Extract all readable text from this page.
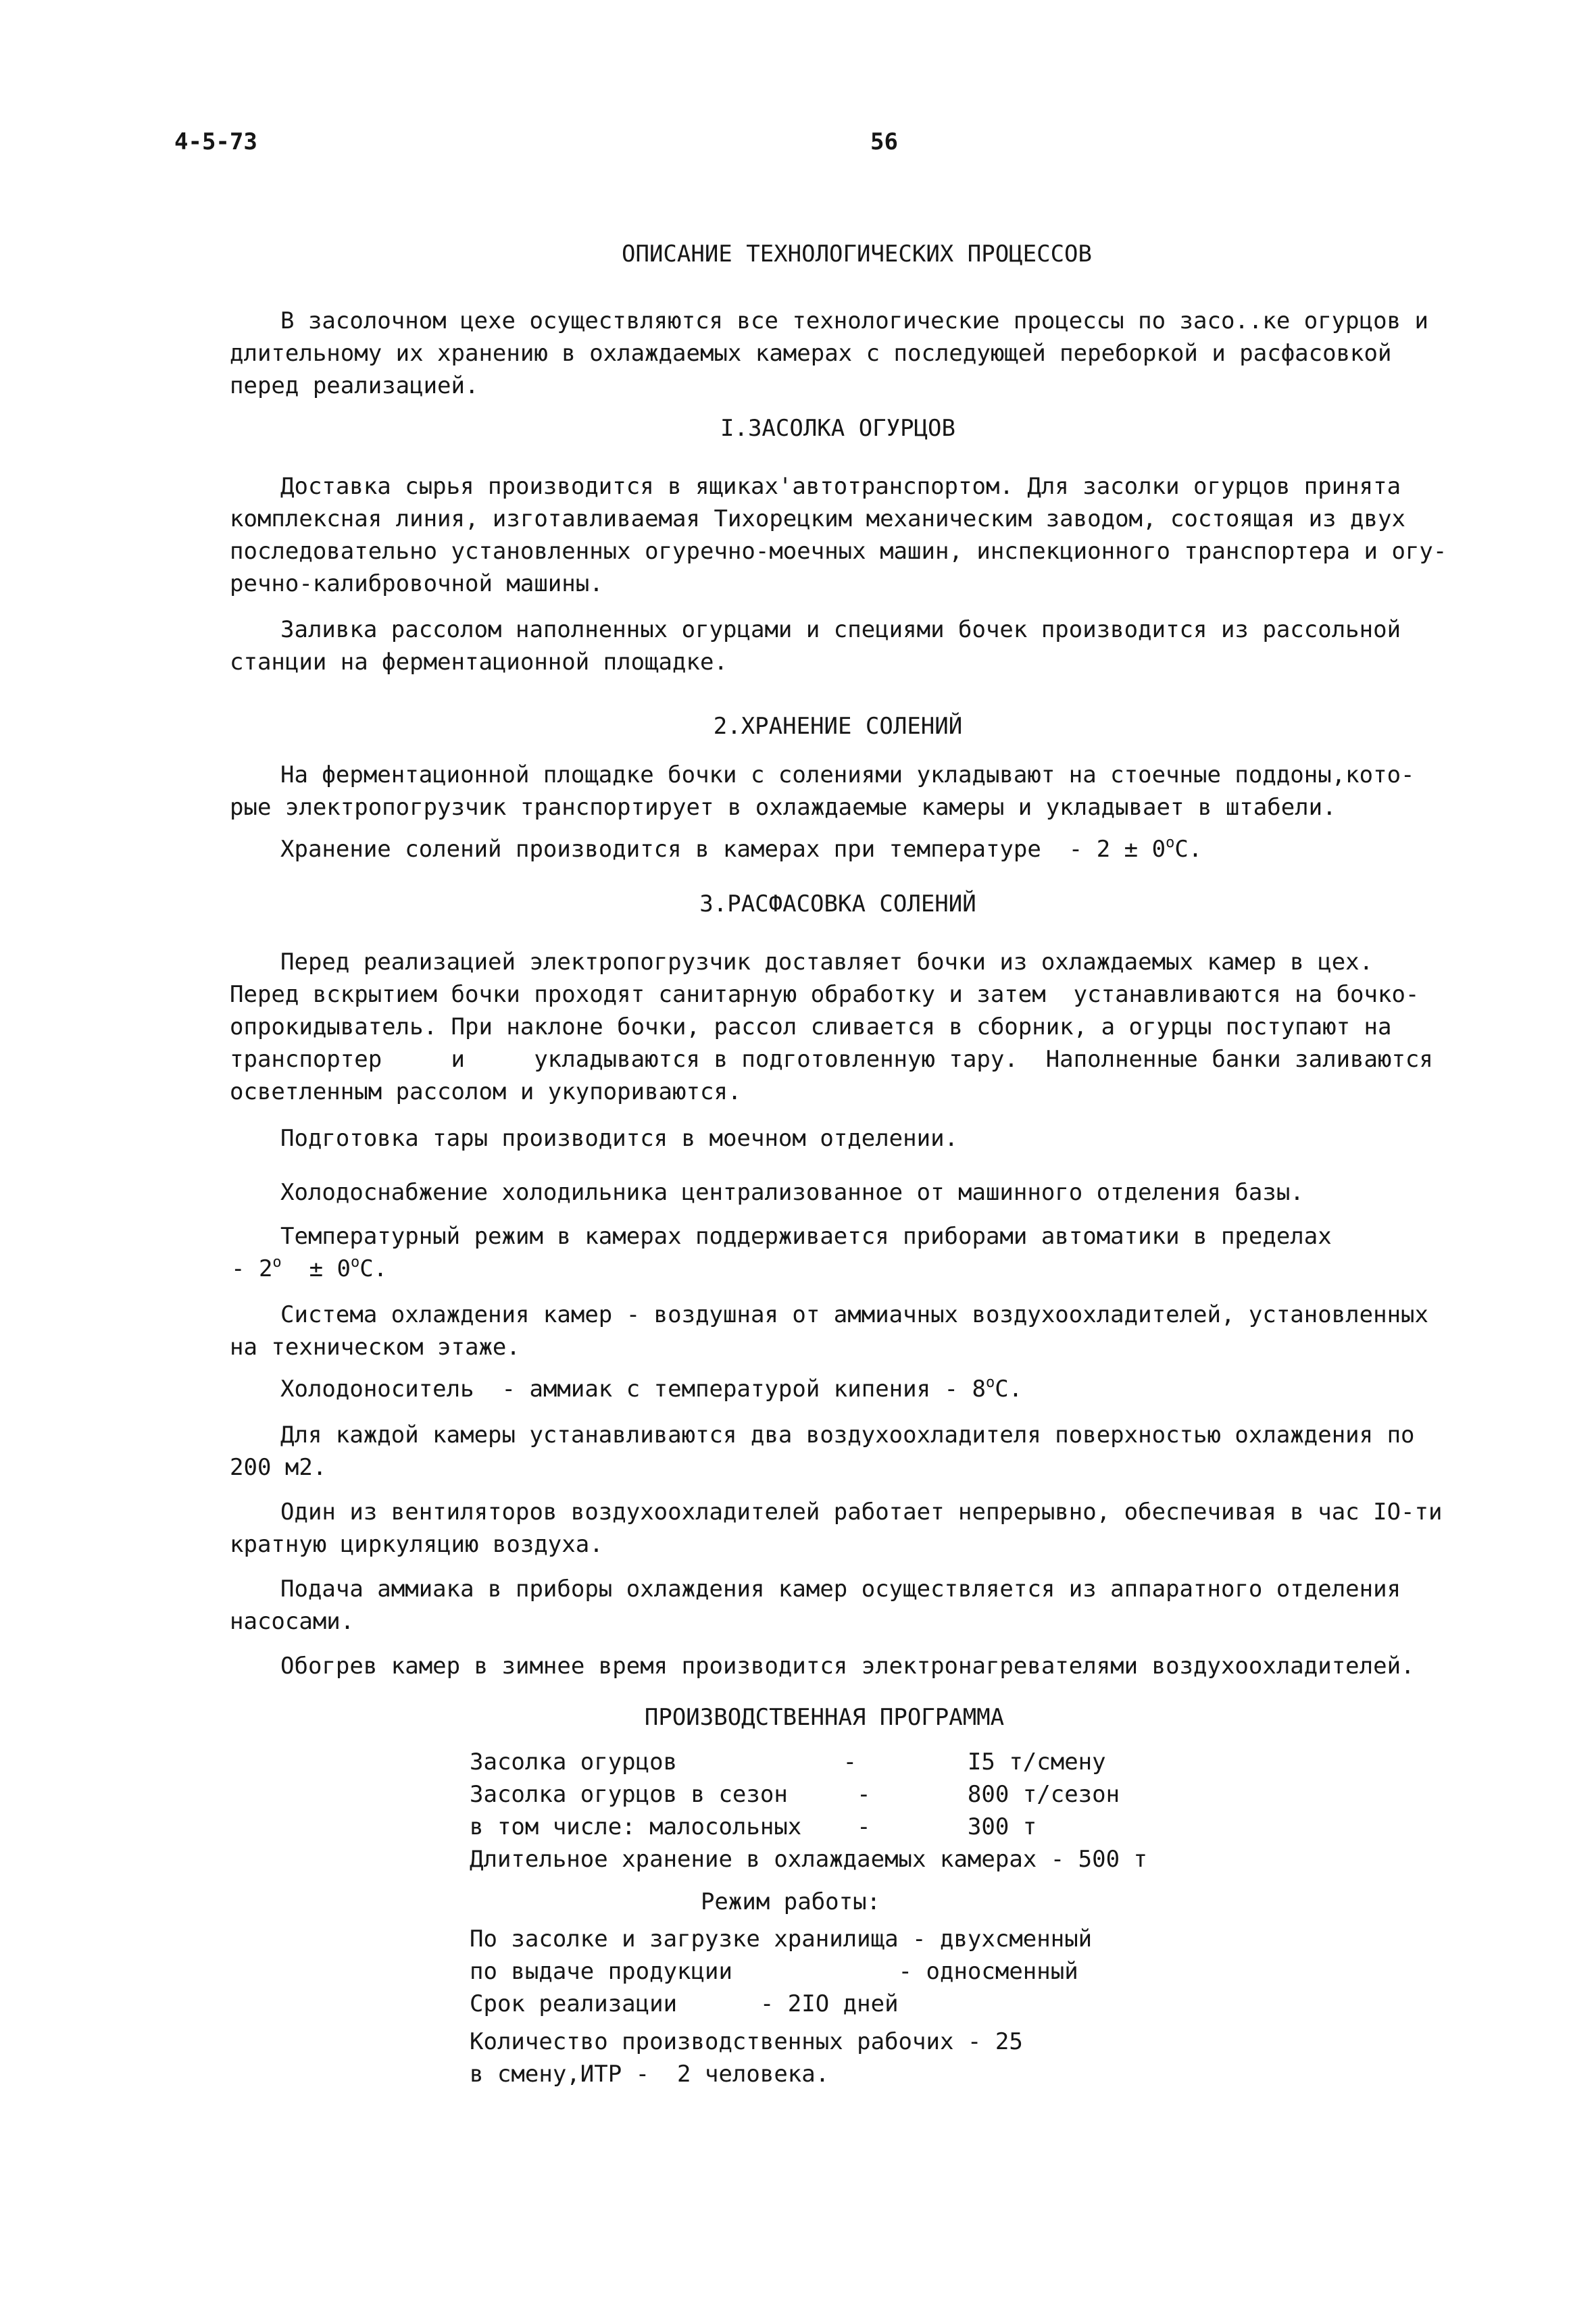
4-5-73	56
ОПИСАНИЕ ТЕХНОЛОГИЧЕСКИХ ПРОЦЕССОВ
В засолочном цехе осуществляются все технологические процессы по засо..ке огурцов и
длительному их хранению в охлаждаемых камерах с последующей переборкой и расфасовкой
перед реализацией.
I.ЗАСОЛКА ОГУРЦОВ
Доставка сырья производится в ящиках'автотранспортом. Для засолки огурцов принята
комплексная линия, изготавливаемая Тихорецким механическим заводом, состоящая из двух
последовательно установленных огуречно-моечных машин, инспекционного транспортера и огу-
речно-калибровочной машины.
Заливка рассолом наполненных огурцами и специями бочек производится из рассольной
станции на ферментационной площадке.
2.ХРАНЕНИЕ СОЛЕНИЙ
На ферментационной площадке бочки с солениями укладывают на стоечные поддоны,кото-
рые электропогрузчик транспортирует в охлаждаемые камеры и укладывает в штабели.
Хранение солений производится в камерах при температуре  - $2 \pm 0^оС$.
3.РАСФАСОВКА СОЛЕНИЙ
Перед реализацией электропогрузчик доставляет бочки из охлаждаемых камер в цех.
Перед вскрытием бочки проходят санитарную обработку и затем  устанавливаются на бочко-
опрокидыватель. При наклоне бочки, рассол сливается в сборник, а огурцы поступают на
транспортер     и     укладываются в подготовленную тару.  Наполненные банки заливаются
осветленным рассолом и укупориваются.
Подготовка тары производится в моечном отделении.
Холодоснабжение холодильника централизованное от машинного отделения базы.
Температурный режим в камерах поддерживается приборами автоматики в пределах
- $2^о \pm 0^оС$.
Система охлаждения камер - воздушная от аммиачных воздухоохладителей, установленных
на техническом этаже.
Холодоноситель  - аммиак с температурой кипения - $8^оС$.
Для каждой камеры устанавливаются два воздухоохладителя поверхностью охлаждения по
200 м2.
Один из вентиляторов воздухоохладителей работает непрерывно, обеспечивая в час IO-ти
кратную циркуляцию воздуха.
Подача аммиака в приборы охлаждения камер осуществляется из аппаратного отделения
насосами.
Обогрев камер в зимнее время производится электронагревателями воздухоохладителей.
ПРОИЗВОДСТВЕННАЯ ПРОГРАММА
Засолка огурцов            -        I5 т/смену
Засолка огурцов в сезон     -       800 т/сезон
в том числе: малосольных    -       300 т
Длительное хранение в охлаждаемых камерах - 500 т
Режим работы:
По засолке и загрузке хранилища - двухсменный
по выдаче продукции            - односменный
Срок реализации      - 2IO дней
Количество производственных рабочих - 25
в смену,ИТР -  2 человека.
